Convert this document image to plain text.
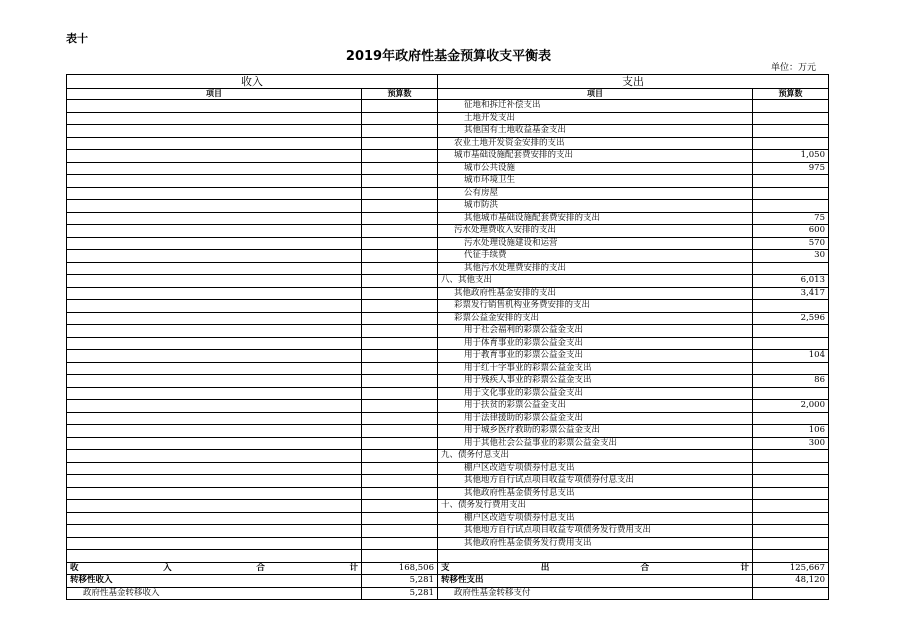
表十
2019年政府性基金预算收支平衡表
单位：万元
收入	支出
项目	预算数	项目	预算数
征地和拆迁补偿支出
土地开发支出
其他国有土地收益基金支出
农业土地开发资金安排的支出
城市基础设施配套费安排的支出	1,050
城市公共设施	975
城市环境卫生
公有房屋
城市防洪
其他城市基础设施配套费安排的支出	75
污水处理费收入安排的支出	600
污水处理设施建设和运营	570
代征手续费	30
其他污水处理费安排的支出
八、其他支出	6,013
其他政府性基金安排的支出	3,417
彩票发行销售机构业务费安排的支出
彩票公益金安排的支出	2,596
用于社会福利的彩票公益金支出
用于体育事业的彩票公益金支出
用于教育事业的彩票公益金支出	104
用于红十字事业的彩票公益金支出
用于残疾人事业的彩票公益金支出	86
用于文化事业的彩票公益金支出
用于扶贫的彩票公益金支出	2,000
用于法律援助的彩票公益金支出
用于城乡医疗救助的彩票公益金支出	106
用于其他社会公益事业的彩票公益金支出	300
九、债务付息支出
棚户区改造专项债券付息支出
其他地方自行试点项目收益专项债券付息支出
其他政府性基金债务付息支出
十、债务发行费用支出
棚户区改造专项债券付息支出
其他地方自行试点项目收益专项债务发行费用支出
其他政府性基金债务发行费用支出
收	入	合	计	168,506 支	出	合	计	125,667
转移性收入	5,281 转移性支出	48,120
政府性基金转移收入	5,281	政府性基金转移支付
